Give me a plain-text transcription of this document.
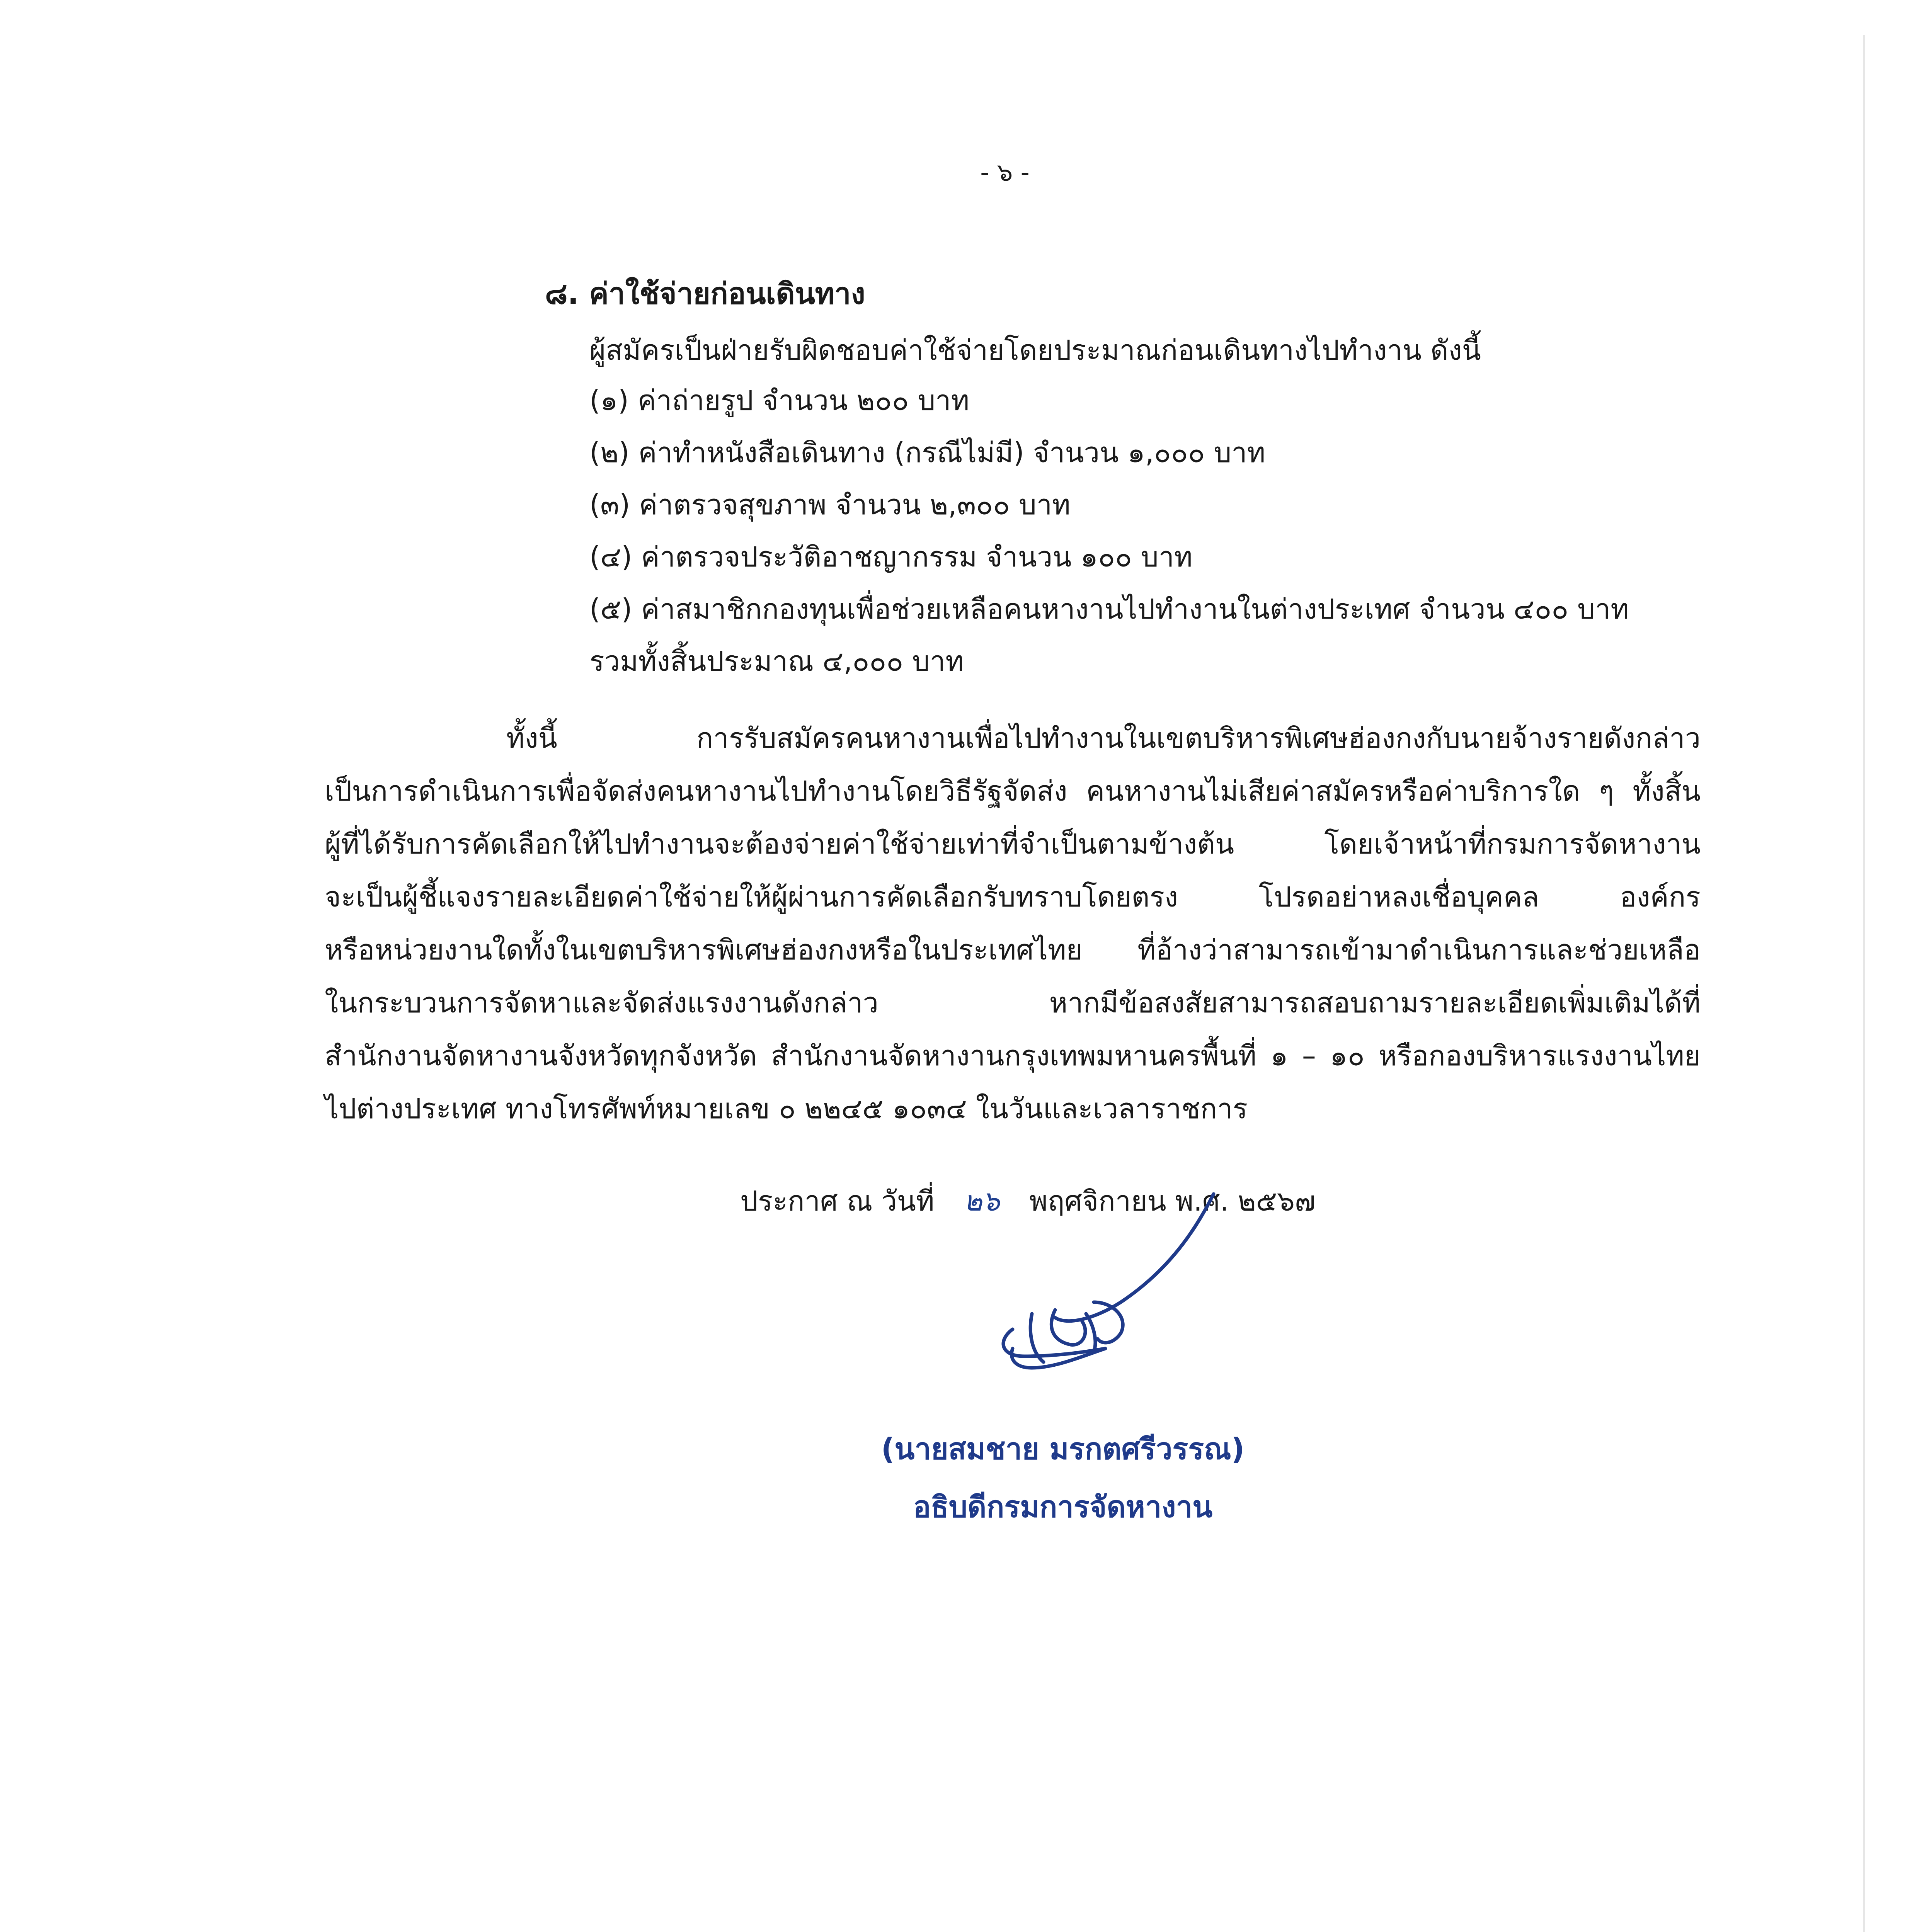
- ๖ -
๘. ค่าใช้จ่ายก่อนเดินทาง
ผู้สมัครเป็นฝ่ายรับผิดชอบค่าใช้จ่ายโดยประมาณก่อนเดินทางไปทำงาน ดังนี้
(๑) ค่าถ่ายรูป จำนวน ๒๐๐ บาท
(๒) ค่าทำหนังสือเดินทาง (กรณีไม่มี) จำนวน ๑,๐๐๐ บาท
(๓) ค่าตรวจสุขภาพ จำนวน ๒,๓๐๐ บาท
(๔) ค่าตรวจประวัติอาชญากรรม จำนวน ๑๐๐ บาท
(๕) ค่าสมาชิกกองทุนเพื่อช่วยเหลือคนหางานไปทำงานในต่างประเทศ จำนวน ๔๐๐ บาท
รวมทั้งสิ้นประมาณ ๔,๐๐๐ บาท
ทั้งนี้ การรับสมัครคนหางานเพื่อไปทำงานในเขตบริหารพิเศษฮ่องกงกับนายจ้างรายดังกล่าว
เป็นการดำเนินการเพื่อจัดส่งคนหางานไปทำงานโดยวิธีรัฐจัดส่ง คนหางานไม่เสียค่าสมัครหรือค่าบริการใด ๆ ทั้งสิ้น
ผู้ที่ได้รับการคัดเลือกให้ไปทำงานจะต้องจ่ายค่าใช้จ่ายเท่าที่จำเป็นตามข้างต้น โดยเจ้าหน้าที่กรมการจัดหางาน
จะเป็นผู้ชี้แจงรายละเอียดค่าใช้จ่ายให้ผู้ผ่านการคัดเลือกรับทราบโดยตรง โปรดอย่าหลงเชื่อบุคคล องค์กร
หรือหน่วยงานใดทั้งในเขตบริหารพิเศษฮ่องกงหรือในประเทศไทย ที่อ้างว่าสามารถเข้ามาดำเนินการและช่วยเหลือ
ในกระบวนการจัดหาและจัดส่งแรงงานดังกล่าว หากมีข้อสงสัยสามารถสอบถามรายละเอียดเพิ่มเติมได้ที่
สำนักงานจัดหางานจังหวัดทุกจังหวัด สำนักงานจัดหางานกรุงเทพมหานครพื้นที่ ๑ – ๑๐ หรือกองบริหารแรงงานไทย
ไปต่างประเทศ ทางโทรศัพท์หมายเลข ๐ ๒๒๔๕ ๑๐๓๔ ในวันและเวลาราชการ
ประกาศ ณ วันที่ ๒๖ พฤศจิกายน พ.ศ. ๒๕๖๗
(นายสมชาย มรกตศรีวรรณ)
อธิบดีกรมการจัดหางาน
